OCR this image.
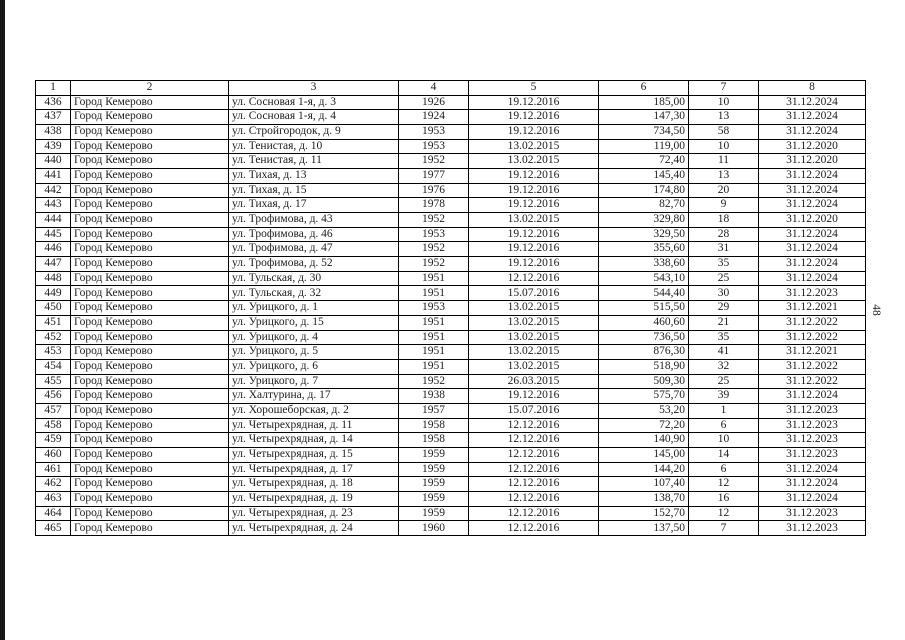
1	2	3	4	5	6	7	8
436	Город Кемерово	ул. Сосновая 1-я, д. 3	1926	19.12.2016	185,00	10	31.12.2024
437	Город Кемерово	ул. Сосновая 1-я, д. 4	1924	19.12.2016	147,30	13	31.12.2024
438	Город Кемерово	ул. Стройгородок, д. 9	1953	19.12.2016	734,50	58	31.12.2024
439	Город Кемерово	ул. Тенистая, д. 10	1953	13.02.2015	119,00	10	31.12.2020
440	Город Кемерово	ул. Тенистая, д. 11	1952	13.02.2015	72,40	11	31.12.2020
441	Город Кемерово	ул. Тихая, д. 13	1977	19.12.2016	145,40	13	31.12.2024
442	Город Кемерово	ул. Тихая, д. 15	1976	19.12.2016	174,80	20	31.12.2024
443	Город Кемерово	ул. Тихая, д. 17	1978	19.12.2016	82,70	9	31.12.2024
444	Город Кемерово	ул. Трофимова, д. 43	1952	13.02.2015	329,80	18	31.12.2020
445	Город Кемерово	ул. Трофимова, д. 46	1953	19.12.2016	329,50	28	31.12.2024
446	Город Кемерово	ул. Трофимова, д. 47	1952	19.12.2016	355,60	31	31.12.2024
447	Город Кемерово	ул. Трофимова, д. 52	1952	19.12.2016	338,60	35	31.12.2024
448	Город Кемерово	ул. Тульская, д. 30	1951	12.12.2016	543,10	25	31.12.2024
449	Город Кемерово	ул. Тульская, д. 32	1951	15.07.2016	544,40	30	31.12.2023
450	Город Кемерово	ул. Урицкого, д. 1	1953	13.02.2015	515,50	29	31.12.2021
451	Город Кемерово	ул. Урицкого, д. 15	1951	13.02.2015	460,60	21	31.12.2022
452	Город Кемерово	ул. Урицкого, д. 4	1951	13.02.2015	736,50	35	31.12.2022
453	Город Кемерово	ул. Урицкого, д. 5	1951	13.02.2015	876,30	41	31.12.2021
454	Город Кемерово	ул. Урицкого, д. 6	1951	13.02.2015	518,90	32	31.12.2022
455	Город Кемерово	ул. Урицкого, д. 7	1952	26.03.2015	509,30	25	31.12.2022
456	Город Кемерово	ул. Халтурина, д. 17	1938	19.12.2016	575,70	39	31.12.2024
457	Город Кемерово	ул. Хорошеборская, д. 2	1957	15.07.2016	53,20	1	31.12.2023
458	Город Кемерово	ул. Четырехрядная, д. 11	1958	12.12.2016	72,20	6	31.12.2023
459	Город Кемерово	ул. Четырехрядная, д. 14	1958	12.12.2016	140,90	10	31.12.2023
460	Город Кемерово	ул. Четырехрядная, д. 15	1959	12.12.2016	145,00	14	31.12.2023
461	Город Кемерово	ул. Четырехрядная, д. 17	1959	12.12.2016	144,20	6	31.12.2024
462	Город Кемерово	ул. Четырехрядная, д. 18	1959	12.12.2016	107,40	12	31.12.2024
463	Город Кемерово	ул. Четырехрядная, д. 19	1959	12.12.2016	138,70	16	31.12.2024
464	Город Кемерово	ул. Четырехрядная, д. 23	1959	12.12.2016	152,70	12	31.12.2023
465	Город Кемерово	ул. Четырехрядная, д. 24	1960	12.12.2016	137,50	7	31.12.2023
48
